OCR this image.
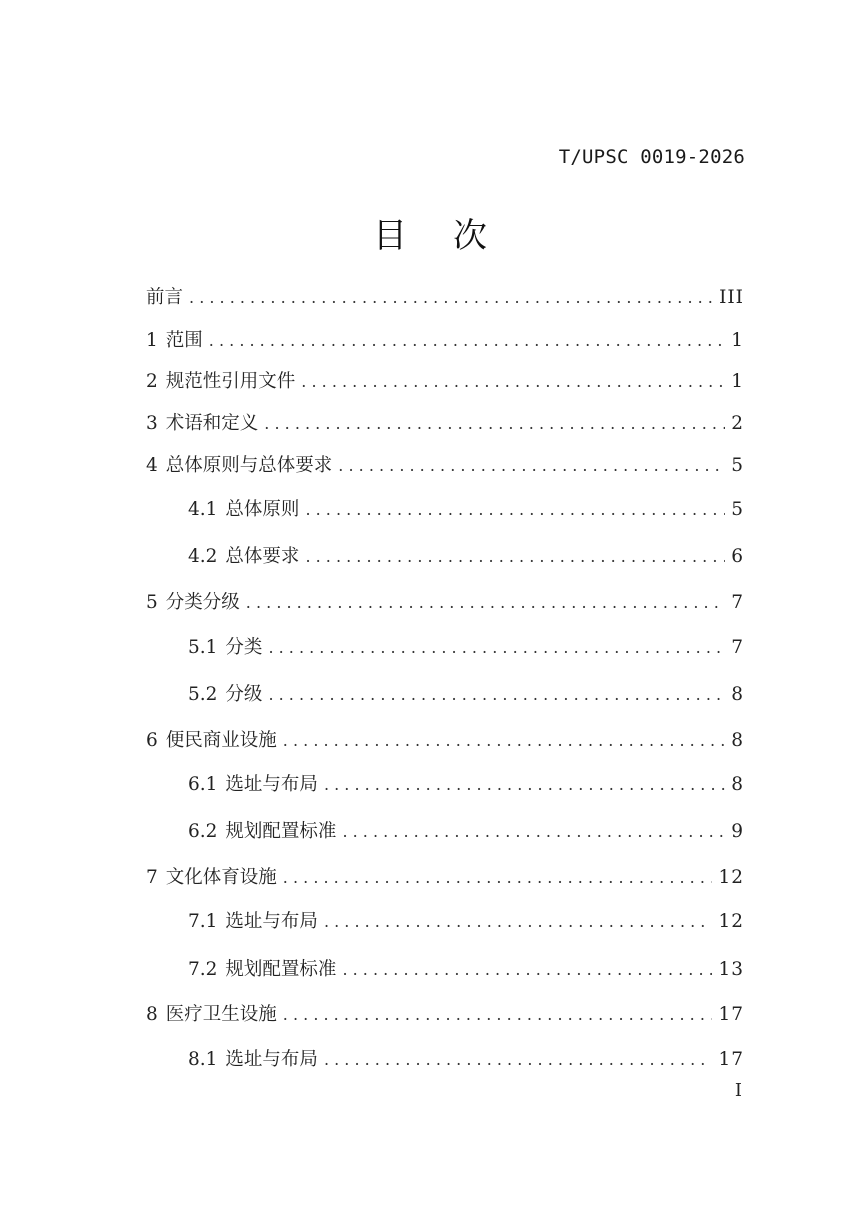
T/UPSC 0019-2026
目 次
前言 . . .	III
1 范围 . . .	1
2 规范性引用文件 . . .	1
3 术语和定义 . . .	2
4 总体原则与总体要求 . . .	5
4.1 总体原则 . . .	5
4.2 总体要求 . . .	6
5 分类分级 . . .	7
5.1 分类 . . .	7
5.2 分级 . . .	8
6 便民商业设施 . . .	8
6.1 选址与布局 . . .	8
6.2 规划配置标准 . . .	9
7 文化体育设施 . . .	12
7.1 选址与布局 . . .	12
7.2 规划配置标准 . . .	13
8 医疗卫生设施 . . .	17
8.1 选址与布局 . . .	17
I
